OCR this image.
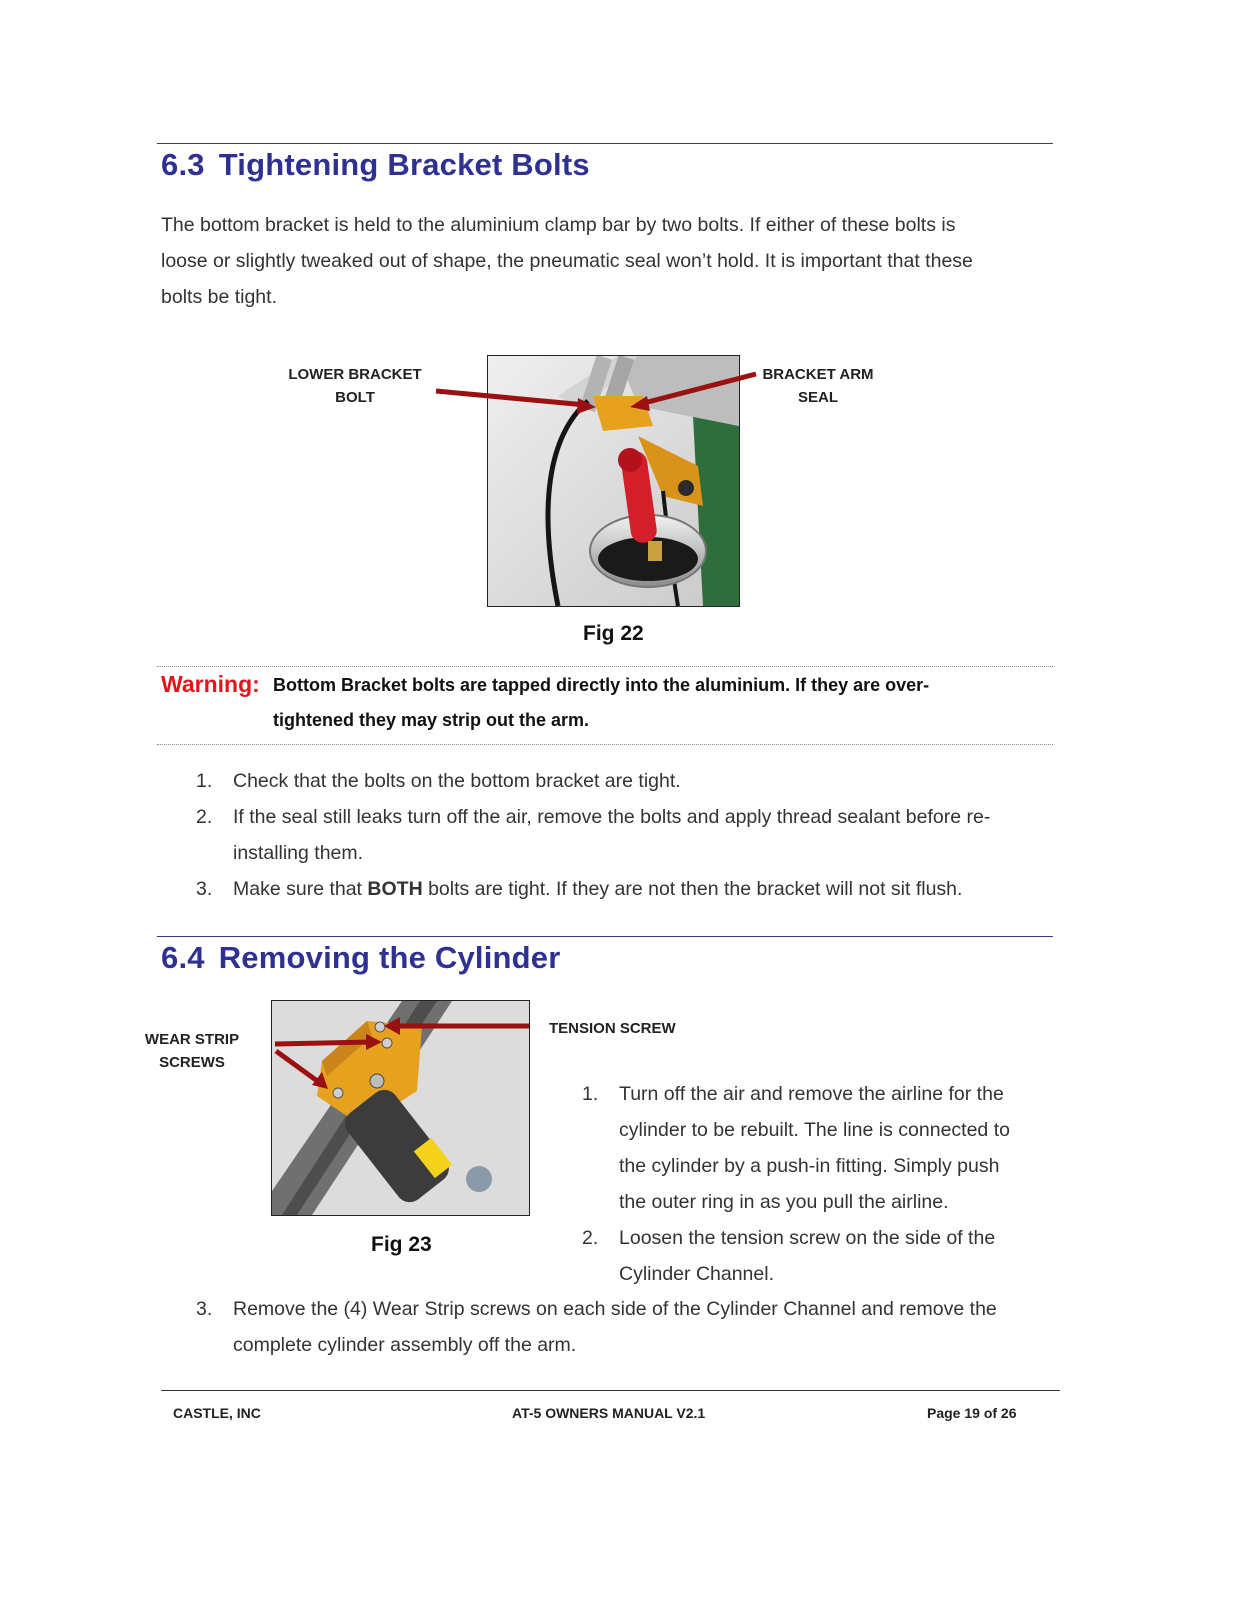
6.3 Tightening Bracket Bolts
The bottom bracket is held to the aluminium clamp bar by two bolts. If either of these bolts is
loose or slightly tweaked out of shape, the pneumatic seal won’t hold. It is important that these
bolts be tight.
LOWER BRACKET
BOLT
BRACKET ARM
SEAL
Fig 22
Warning: Bottom Bracket bolts are tapped directly into the aluminium. If they are over-
tightened they may strip out the arm.
1. Check that the bolts on the bottom bracket are tight.
2. If the seal still leaks turn off the air, remove the bolts and apply thread sealant before re-
installing them.
3. Make sure that BOTH bolts are tight. If they are not then the bracket will not sit flush.
6.4 Removing the Cylinder
WEAR STRIP
SCREWS
TENSION SCREW
Fig 23
1. Turn off the air and remove the airline for the
cylinder to be rebuilt. The line is connected to
the cylinder by a push-in fitting. Simply push
the outer ring in as you pull the airline.
2. Loosen the tension screw on the side of the
Cylinder Channel.
3. Remove the (4) Wear Strip screws on each side of the Cylinder Channel and remove the
complete cylinder assembly off the arm.
CASTLE, INC	AT-5 OWNERS MANUAL V2.1	Page 19 of 26
